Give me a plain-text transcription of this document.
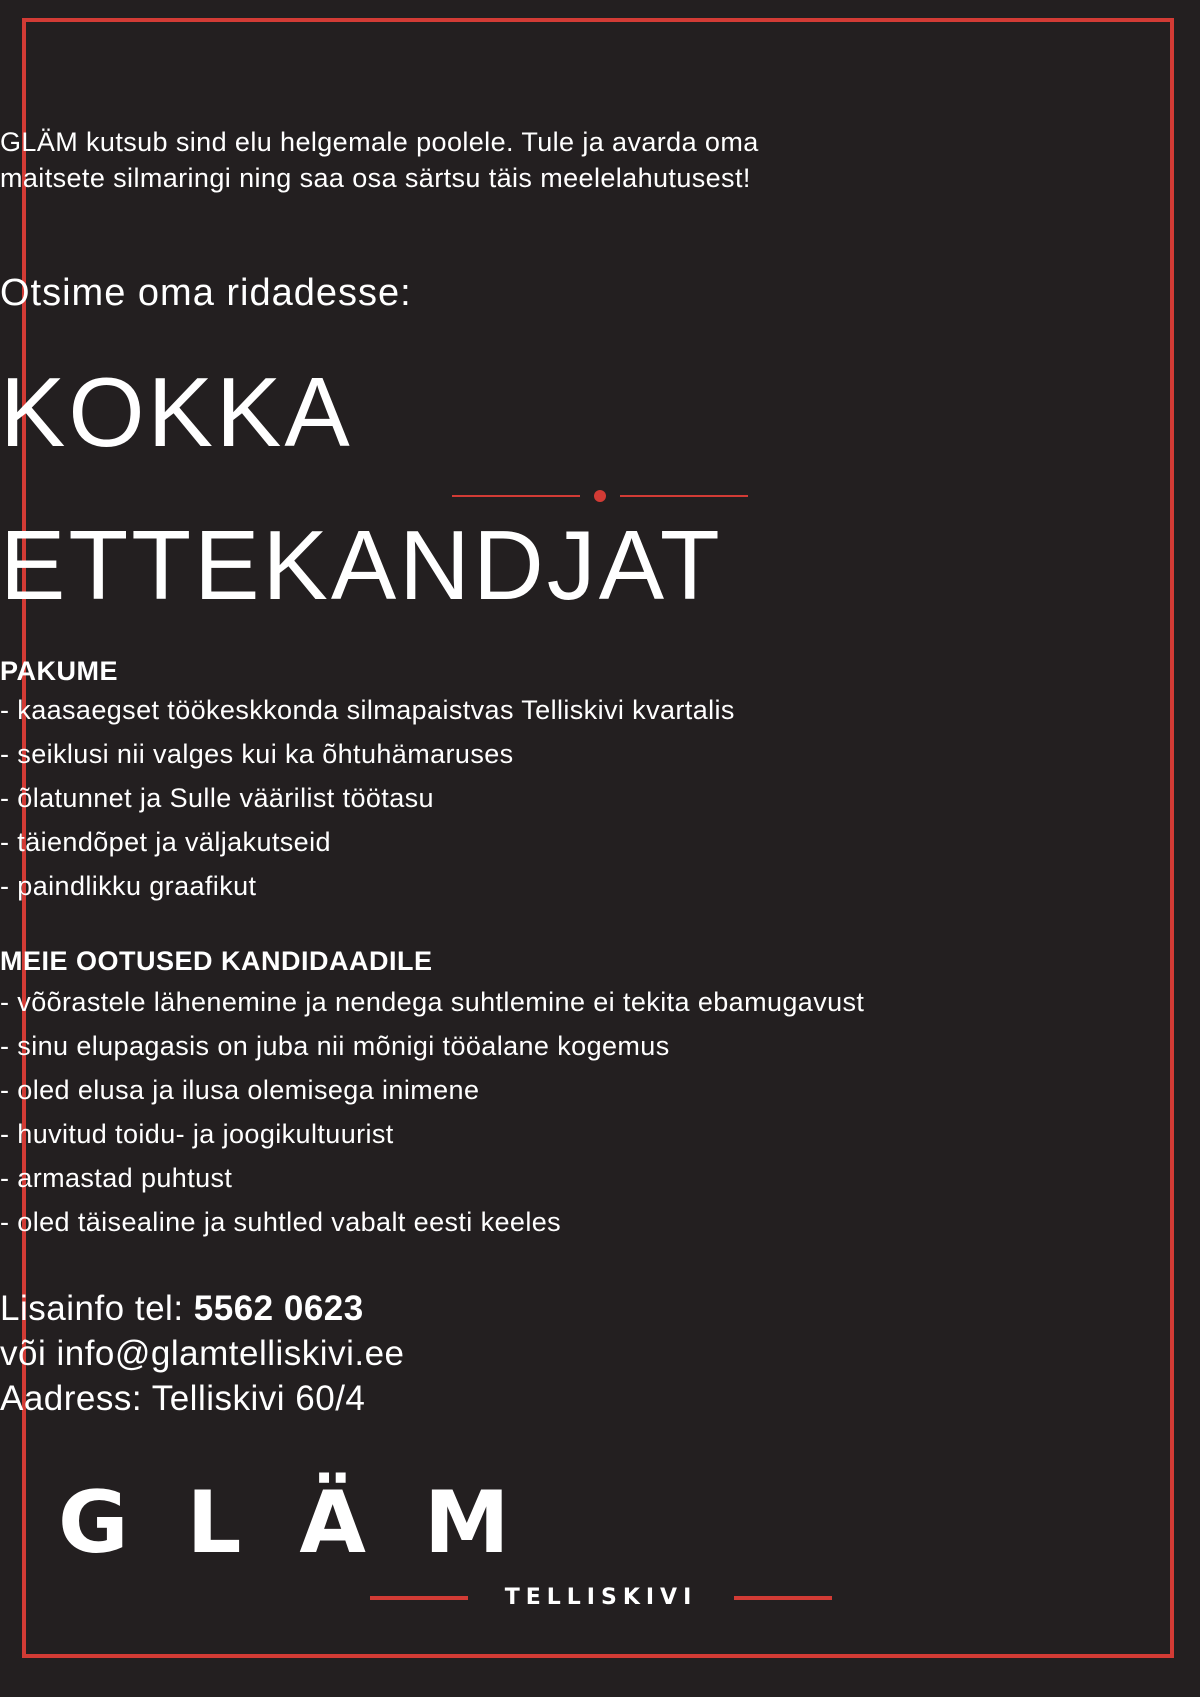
GLÄM kutsub sind elu helgemale poolele. Tule ja avarda oma
maitsete silmaringi ning saa osa särtsu täis meelelahutusest!
Otsime oma ridadesse:
KOKKA
ETTEKANDJAT
PAKUME
- kaasaegset töökeskkonda silmapaistvas Telliskivi kvartalis
- seiklusi nii valges kui ka õhtuhämaruses
- õlatunnet ja Sulle väärilist töötasu
- täiendõpet ja väljakutseid
- paindlikku graafikut
MEIE OOTUSED KANDIDAADILE
- võõrastele lähenemine ja nendega suhtlemine ei tekita ebamugavust
- sinu elupagasis on juba nii mõnigi tööalane kogemus
- oled elusa ja ilusa olemisega inimene
- huvitud toidu- ja joogikultuurist
- armastad puhtust
- oled täisealine ja suhtled vabalt eesti keeles
Lisainfo tel: 5562 0623
või info@glamtelliskivi.ee
Aadress: Telliskivi 60/4
GLÄM
TELLISKIVI
